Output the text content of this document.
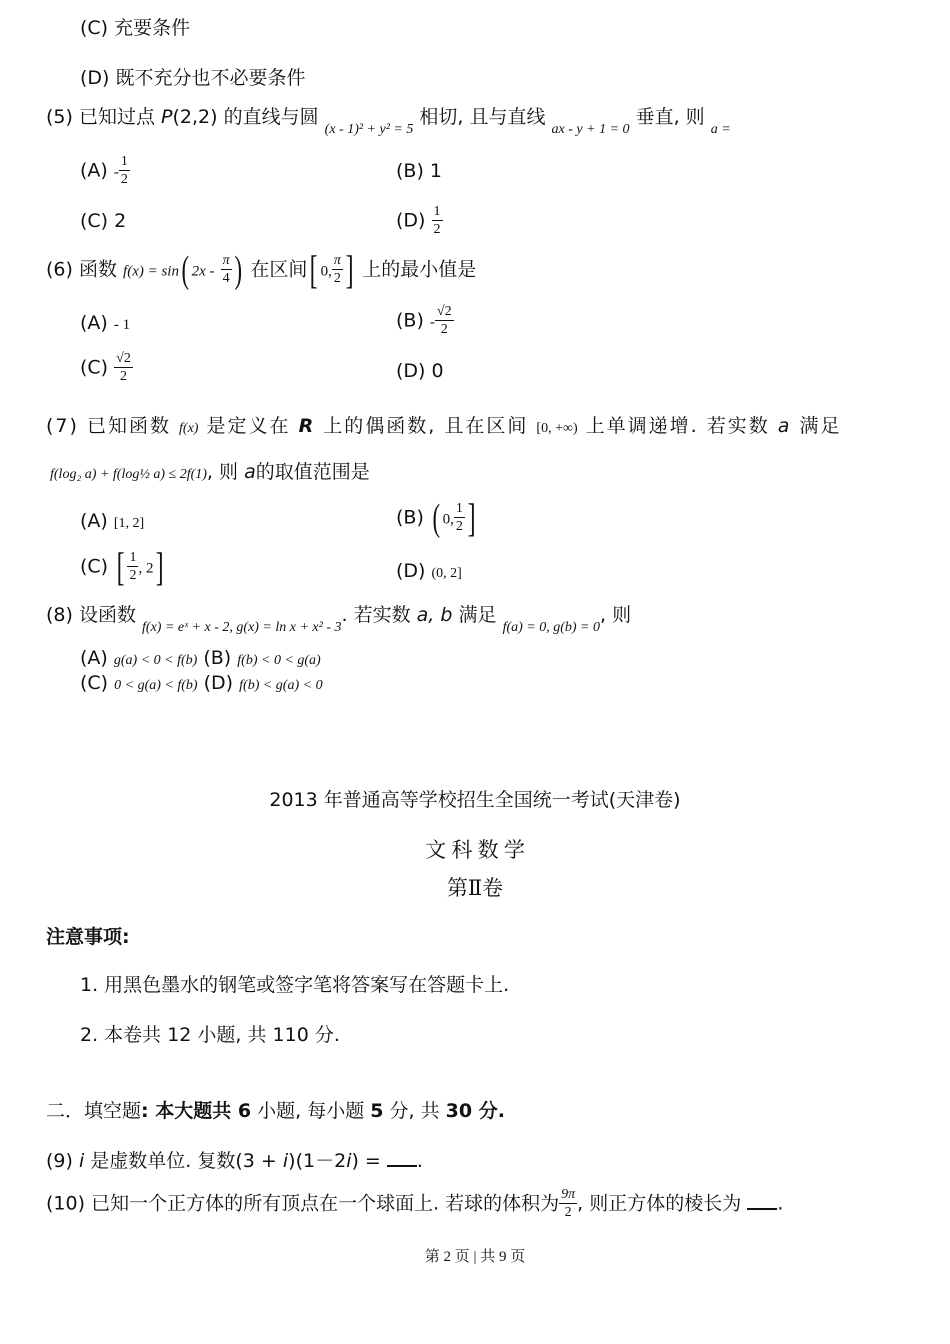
(C) 充要条件
(D) 既不充分也不必要条件
(5) 已知过点 P(2,2) 的直线与圆 $_{(x - 1)^2 + y^2 = 5}$ 相切, 且与直线 $_{ax - y + 1 = 0}$ 垂直, 则 $_{a =}$
$(A) - \frac{1}{2}$	(B) 1
(C) 2	$(D) \frac{1}{2}$
(6) 函数 f(x) = sin( $2x - \frac{\pi}{4}$ ) 在区间[ 0, $\frac{\pi}{2}$ ] 上的最小值是
(A) - 1	$(B) - \frac{√2}{2}$
$(C) \frac{√2}{2}$	(D) 0
(7) 已知函数 f(x) 是定义在 R 上的偶函数, 且在区间 [0, +∞) 上单调递增. 若实数 a 满足
f(log₂ a) + f(log½ a) ≤ 2f(1), 则 a的取值范围是
(A) [1, 2]	(B) ( 0, $\frac{1}{2}$ ]
(C) [ $\frac{1}{2}$ , 2]	(D) (0, 2]
(8) 设函数 $_{f(x) = eˣ + x - 2, g(x) = ln x + x^2 - 3}$. 若实数 a, b 满足 $_{f(a) = 0, g(b) = 0}$, 则
(A) g(a) < 0 < f(b) (B) f(b) < 0 < g(a)
(C) 0 < g(a) < f(b) (D) f(b) < g(a) < 0
2013 年普通高等学校招生全国统一考试(天津卷)
文 科 数 学
第Ⅱ卷
注意事项:
1. 用黑色墨水的钢笔或签字笔将答案写在答题卡上.
2. 本卷共 12 小题, 共 110 分.
二．填空题: 本大题共 6 小题, 每小题 5 分, 共 30 分.
(9) i 是虚数单位. 复数(3 + i)(1－2i) = .
(10) 已知一个正方体的所有顶点在一个球面上. 若球的体积为 $\frac{9\pi}{2}$ , 则正方体的棱长为 .
第 2 页 | 共 9 页
